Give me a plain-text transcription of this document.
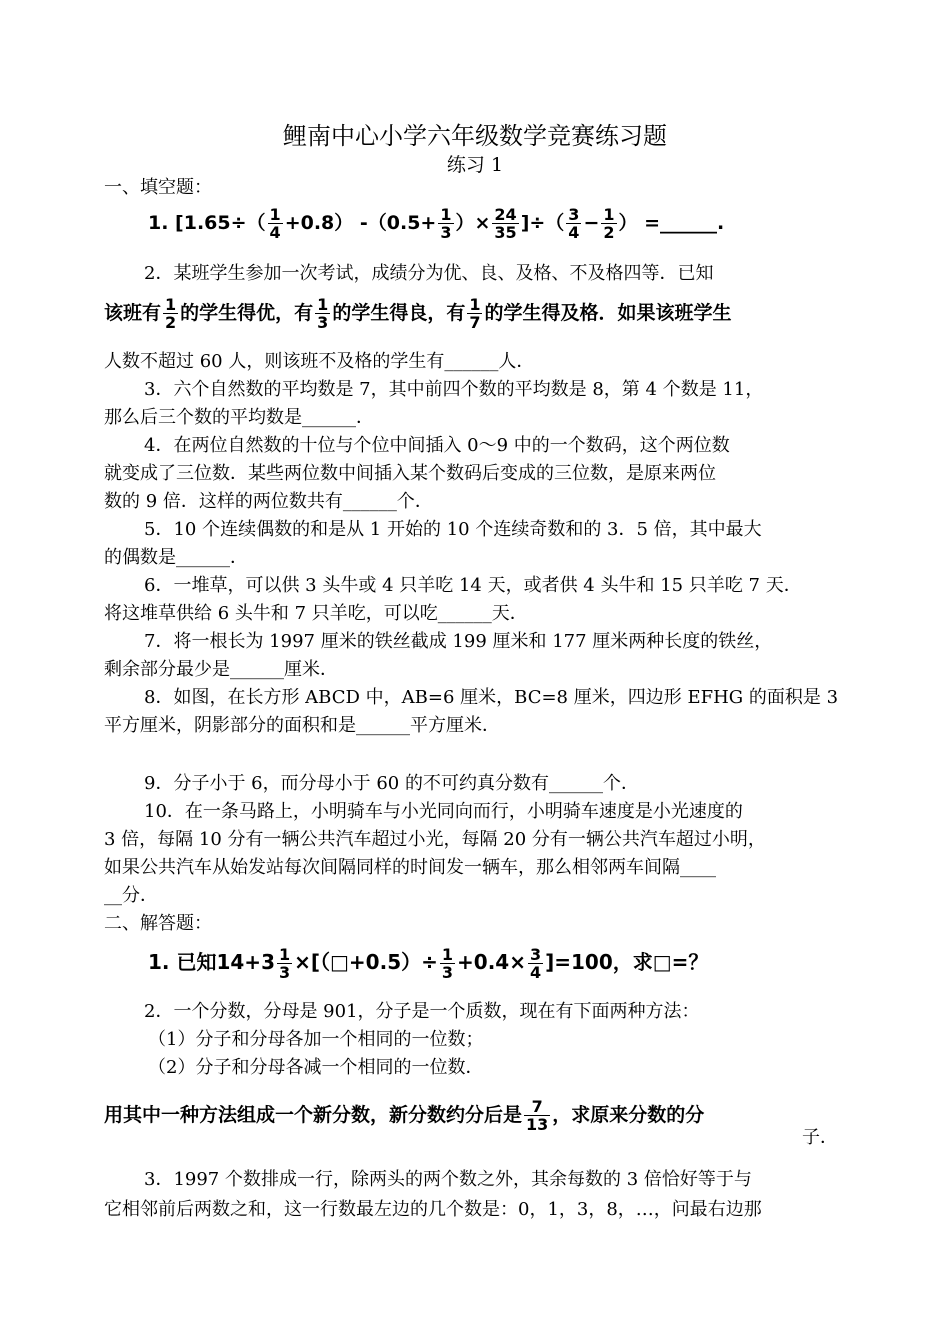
鲤南中心小学六年级数学竞赛练习题
练习 1
一、填空题：
1. [$1.65\div( \frac{1}{4} +0.8)$ $-(0.5+ \frac{1}{3}$ ）× $\frac{24}{35}$ ]÷（ $\frac{3}{4} - \frac{1}{2}$ ） =______.
2．某班学生参加一次考试，成绩分为优、良、及格、不及格四等．已知
该班有 $\frac{1}{2}$ 的学生得优，有 $\frac{1}{3}$ 的学生得良，有 $\frac{1}{7}$ 的学生得及格．如果该班学生
人数不超过 60 人，则该班不及格的学生有______人．
3．六个自然数的平均数是 7，其中前四个数的平均数是 8，第 4 个数是 11，
那么后三个数的平均数是______．
4．在两位自然数的十位与个位中间插入 0～9 中的一个数码，这个两位数
就变成了三位数．某些两位数中间插入某个数码后变成的三位数，是原来两位
数的 9 倍．这样的两位数共有______个．
5．10 个连续偶数的和是从 1 开始的 10 个连续奇数和的 3．5 倍，其中最大
的偶数是______．
6．一堆草，可以供 3 头牛或 4 只羊吃 14 天，或者供 4 头牛和 15 只羊吃 7 天．
将这堆草供给 6 头牛和 7 只羊吃，可以吃______天．
7．将一根长为 1997 厘米的铁丝截成 199 厘米和 177 厘米两种长度的铁丝，
剩余部分最少是______厘米．
8．如图，在长方形 ABCD 中，AB=6 厘米，BC=8 厘米，四边形 EFHG 的面积是 3
平方厘米，阴影部分的面积和是______平方厘米．
9．分子小于 6，而分母小于 60 的不可约真分数有______个．
10．在一条马路上，小明骑车与小光同向而行，小明骑车速度是小光速度的
3 倍，每隔 10 分有一辆公共汽车超过小光，每隔 20 分有一辆公共汽车超过小明，
如果公共汽车从始发站每次间隔同样的时间发一辆车，那么相邻两车间隔____
__分．
二、解答题：
1. 已知$14+3 \frac{1}{3}$ ×[（□+0.5）÷ $\frac{1}{3} +0.4\times \frac{3}{4} ]=100$，求□=？
2．一个分数，分母是 901，分子是一个质数，现在有下面两种方法：
（1）分子和分母各加一个相同的一位数；
（2）分子和分母各减一个相同的一位数．
用其中一种方法组成一个新分数，新分数约分后是 $\frac{7}{13}$ ，求原来分数的分
子．
3．1997 个数排成一行，除两头的两个数之外，其余每数的 3 倍恰好等于与
它相邻前后两数之和，这一行数最左边的几个数是：0，1，3，8，…，问最右边那
